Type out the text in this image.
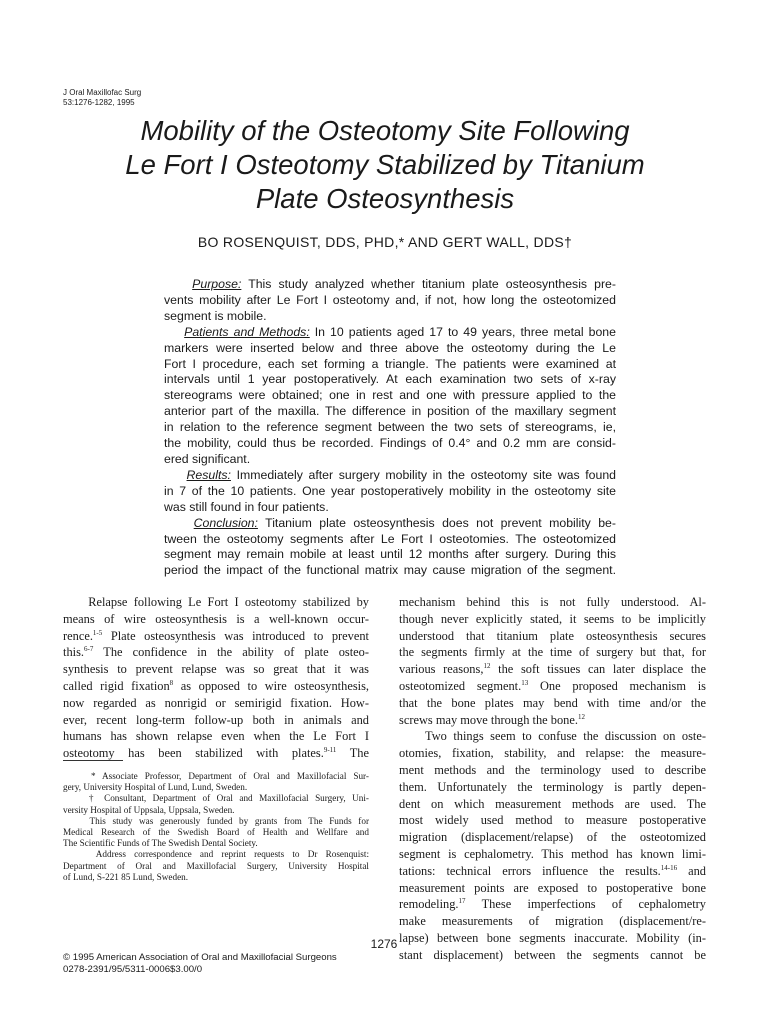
J Oral Maxillofac Surg
53:1276-1282, 1995
Mobility of the Osteotomy Site Following
Le Fort I Osteotomy Stabilized by Titanium
Plate Osteosynthesis
BO ROSENQUIST, DDS, PHD,* AND GERT WALL, DDS†
Purpose: This study analyzed whether titanium plate osteosynthesis pre-
vents mobility after Le Fort I osteotomy and, if not, how long the osteotomized
segment is mobile.
Patients and Methods: In 10 patients aged 17 to 49 years, three metal bone
markers were inserted below and three above the osteotomy during the Le
Fort I procedure, each set forming a triangle. The patients were examined at
intervals until 1 year postoperatively. At each examination two sets of x-ray
stereograms were obtained; one in rest and one with pressure applied to the
anterior part of the maxilla. The difference in position of the maxillary segment
in relation to the reference segment between the two sets of stereograms, ie,
the mobility, could thus be recorded. Findings of 0.4° and 0.2 mm are consid-
ered significant.
Results: Immediately after surgery mobility in the osteotomy site was found
in 7 of the 10 patients. One year postoperatively mobility in the osteotomy site
was still found in four patients.
Conclusion: Titanium plate osteosynthesis does not prevent mobility be-
tween the osteotomy segments after Le Fort I osteotomies. The osteotomized
segment may remain mobile at least until 12 months after surgery. During this
period the impact of the functional matrix may cause migration of the segment.
Relapse following Le Fort I osteotomy stabilized by
means of wire osteosynthesis is a well-known occur-
rence.$^{1-5}$ Plate osteosynthesis was introduced to prevent
this.$^{6-7}$ The confidence in the ability of plate osteo-
synthesis to prevent relapse was so great that it was
called rigid fixation$^8$ as opposed to wire osteosynthesis,
now regarded as nonrigid or semirigid fixation. How-
ever, recent long-term follow-up both in animals and
humans has shown relapse even when the Le Fort I
osteotomy has been stabilized with plates.$^{9-11}$ The
* Associate Professor, Department of Oral and Maxillofacial Sur-
gery, University Hospital of Lund, Lund, Sweden.
† Consultant, Department of Oral and Maxillofacial Surgery, Uni-
versity Hospital of Uppsala, Uppsala, Sweden.
This study was generously funded by grants from The Funds for
Medical Research of the Swedish Board of Health and Wellfare and
The Scientific Funds of The Swedish Dental Society.
Address correspondence and reprint requests to Dr Rosenquist:
Department of Oral and Maxillofacial Surgery, University Hospital
of Lund, S-221 85 Lund, Sweden.
© 1995 American Association of Oral and Maxillofacial Surgeons
0278-2391/95/5311-0006$3.00/0
mechanism behind this is not fully understood. Al-
though never explicitly stated, it seems to be implicitly
understood that titanium plate osteosynthesis secures
the segments firmly at the time of surgery but that, for
various reasons,$^{12}$ the soft tissues can later displace the
osteotomized segment.$^{13}$ One proposed mechanism is
that the bone plates may bend with time and/or the
screws may move through the bone.$^{12}$
Two things seem to confuse the discussion on oste-
otomies, fixation, stability, and relapse: the measure-
ment methods and the terminology used to describe
them. Unfortunately the terminology is partly depen-
dent on which measurement methods are used. The
most widely used method to measure postoperative
migration (displacement/relapse) of the osteotomized
segment is cephalometry. This method has known limi-
tations: technical errors influence the results.$^{14-16}$ and
measurement points are exposed to postoperative bone
remodeling.$^{17}$ These imperfections of cephalometry
make measurements of migration (displacement/re-
lapse) between bone segments inaccurate. Mobility (in-
stant displacement) between the segments cannot be
1276
